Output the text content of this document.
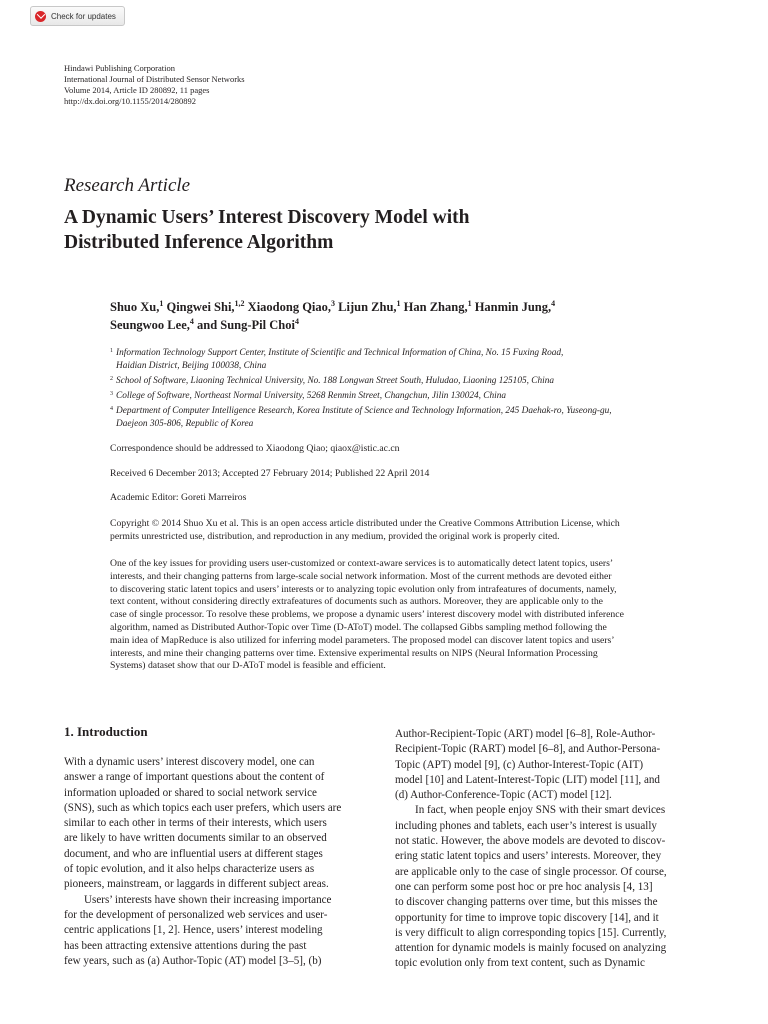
Check for updates
Hindawi Publishing Corporation
International Journal of Distributed Sensor Networks
Volume 2014, Article ID 280892, 11 pages
http://dx.doi.org/10.1155/2014/280892
Research Article
A Dynamic Users’ Interest Discovery Model with
Distributed Inference Algorithm
Shuo Xu,$^1$ Qingwei Shi,$^{1,2}$ Xiaodong Qiao,$^3$ Lijun Zhu,$^1$ Han Zhang,$^1$ Hanmin Jung,$^4$
Seungwoo Lee,$^4$ and Sung-Pil Choi$^4$
1 Information Technology Support Center, Institute of Scientific and Technical Information of China, No. 15 Fuxing Road,
Haidian District, Beijing 100038, China
2 School of Software, Liaoning Technical University, No. 188 Longwan Street South, Huludao, Liaoning 125105, China
3 College of Software, Northeast Normal University, 5268 Renmin Street, Changchun, Jilin 130024, China
4 Department of Computer Intelligence Research, Korea Institute of Science and Technology Information, 245 Daehak-ro, Yuseong-gu,
Daejeon 305-806, Republic of Korea
Correspondence should be addressed to Xiaodong Qiao; qiaox@istic.ac.cn
Received 6 December 2013; Accepted 27 February 2014; Published 22 April 2014
Academic Editor: Goreti Marreiros
Copyright © 2014 Shuo Xu et al. This is an open access article distributed under the Creative Commons Attribution License, which
permits unrestricted use, distribution, and reproduction in any medium, provided the original work is properly cited.
One of the key issues for providing users user-customized or context-aware services is to automatically detect latent topics, users’
interests, and their changing patterns from large-scale social network information. Most of the current methods are devoted either
to discovering static latent topics and users’ interests or to analyzing topic evolution only from intrafeatures of documents, namely,
text content, without considering directly extrafeatures of documents such as authors. Moreover, they are applicable only to the
case of single processor. To resolve these problems, we propose a dynamic users’ interest discovery model with distributed inference
algorithm, named as Distributed Author-Topic over Time (D-AToT) model. The collapsed Gibbs sampling method following the
main idea of MapReduce is also utilized for inferring model parameters. The proposed model can discover latent topics and users’
interests, and mine their changing patterns over time. Extensive experimental results on NIPS (Neural Information Processing
Systems) dataset show that our D-AToT model is feasible and efficient.
1. Introduction
With a dynamic users’ interest discovery model, one can
answer a range of important questions about the content of
information uploaded or shared to social network service
(SNS), such as which topics each user prefers, which users are
similar to each other in terms of their interests, which users
are likely to have written documents similar to an observed
document, and who are influential users at different stages
of topic evolution, and it also helps characterize users as
pioneers, mainstream, or laggards in different subject areas.
Users’ interests have shown their increasing importance
for the development of personalized web services and user-
centric applications [1, 2]. Hence, users’ interest modeling
has been attracting extensive attentions during the past
few years, such as (a) Author-Topic (AT) model [3–5], (b)
Author-Recipient-Topic (ART) model [6–8], Role-Author-
Recipient-Topic (RART) model [6–8], and Author-Persona-
Topic (APT) model [9], (c) Author-Interest-Topic (AIT)
model [10] and Latent-Interest-Topic (LIT) model [11], and
(d) Author-Conference-Topic (ACT) model [12].
In fact, when people enjoy SNS with their smart devices
including phones and tablets, each user’s interest is usually
not static. However, the above models are devoted to discov-
ering static latent topics and users’ interests. Moreover, they
are applicable only to the case of single processor. Of course,
one can perform some post hoc or pre hoc analysis [4, 13]
to discover changing patterns over time, but this misses the
opportunity for time to improve topic discovery [14], and it
is very difficult to align corresponding topics [15]. Currently,
attention for dynamic models is mainly focused on analyzing
topic evolution only from text content, such as Dynamic
